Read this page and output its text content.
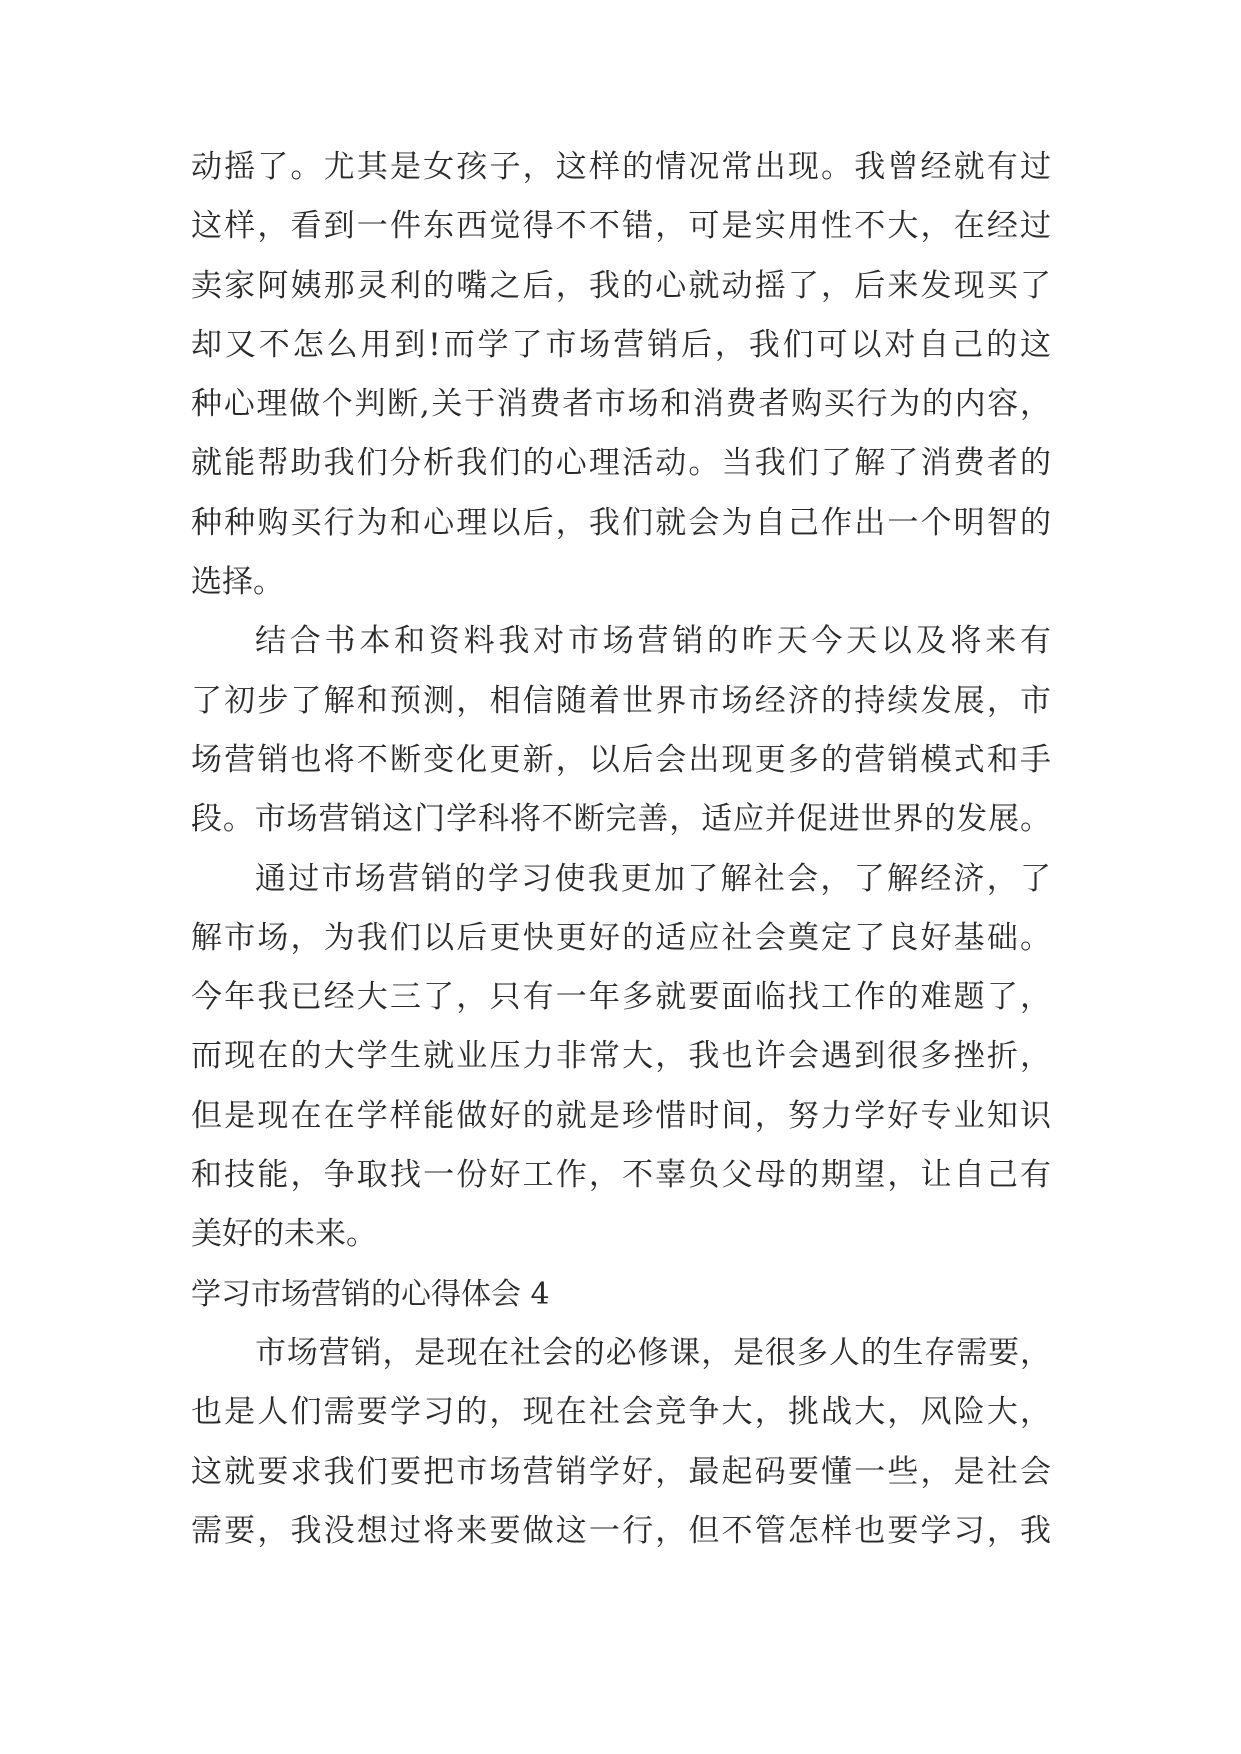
动摇了。尤其是女孩子，这样的情况常出现。我曾经就有过
这样，看到一件东西觉得不不错，可是实用性不大，在经过
卖家阿姨那灵利的嘴之后，我的心就动摇了，后来发现买了
却又不怎么用到!而学了市场营销后，我们可以对自己的这
种心理做个判断,关于消费者市场和消费者购买行为的内容，
就能帮助我们分析我们的心理活动。当我们了解了消费者的
种种购买行为和心理以后，我们就会为自己作出一个明智的
选择。
结合书本和资料我对市场营销的昨天今天以及将来有
了初步了解和预测，相信随着世界市场经济的持续发展，市
场营销也将不断变化更新，以后会出现更多的营销模式和手
段。市场营销这门学科将不断完善，适应并促进世界的发展。
通过市场营销的学习使我更加了解社会，了解经济，了
解市场，为我们以后更快更好的适应社会奠定了良好基础。
今年我已经大三了，只有一年多就要面临找工作的难题了，
而现在的大学生就业压力非常大，我也许会遇到很多挫折，
但是现在在学样能做好的就是珍惜时间，努力学好专业知识
和技能，争取找一份好工作，不辜负父母的期望，让自己有
美好的未来。
学习市场营销的心得体会 4
市场营销，是现在社会的必修课，是很多人的生存需要，
也是人们需要学习的，现在社会竞争大，挑战大，风险大，
这就要求我们要把市场营销学好，最起码要懂一些，是社会
需要，我没想过将来要做这一行，但不管怎样也要学习，我
